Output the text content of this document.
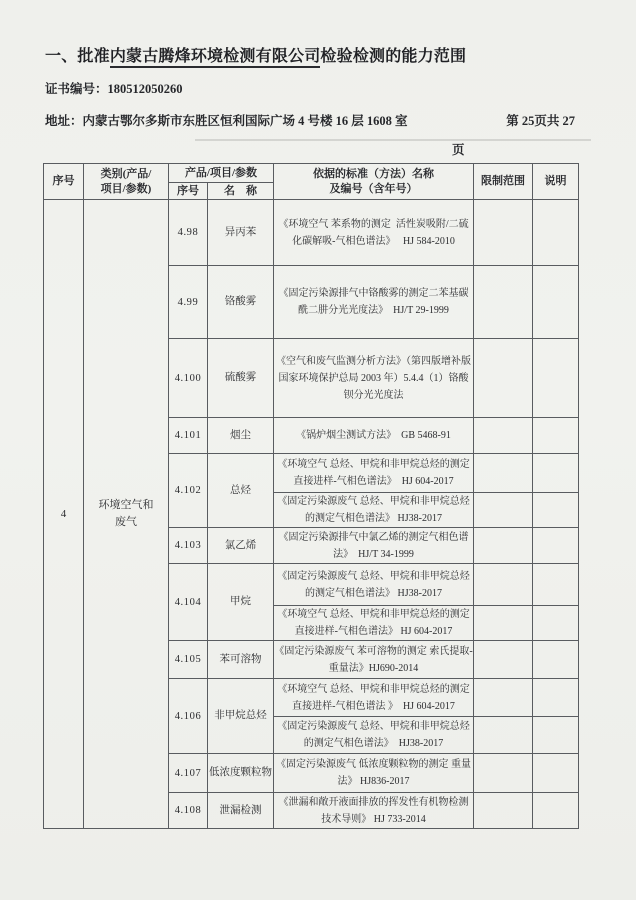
一、批准内蒙古腾烽环境检测有限公司检验检测的能力范围
证书编号：180512050260
地址：内蒙古鄂尔多斯市东胜区恒利国际广场 4 号楼 16 层 1608 室	第 25页共 27
页
序号	类别(产品/
项目/参数)	产品/项目/参数		依据的标准（方法）名称
及编号（含年号）	限制范围	说明
		序号	名　称			
4	环境空气和废气	4.98	异丙苯	《环境空气 苯系物的测定  活性炭吸附/二硫化碳解吸-气相色谱法》   HJ 584-2010		
		4.99	铬酸雾	《固定污染源排气中铬酸雾的测定二苯基碳酰二肼分光光度法》  HJ/T 29-1999		
		4.100	硫酸雾	《空气和废气监测分析方法》（第四版增补版 国家环境保护总局 2003 年）5.4.4（1）铬酸钡分光光度法		
		4.101	烟尘	《锅炉烟尘测试方法》  GB 5468-91		
		4.102	总烃	《环境空气 总烃、甲烷和非甲烷总烃的测定 直接进样-气相色谱法》  HJ 604-2017		
				《固定污染源废气 总烃、甲烷和非甲烷总烃的测定气相色谱法》 HJ38-2017		
		4.103	氯乙烯	《固定污染源排气中氯乙烯的测定气相色谱法》  HJ/T 34-1999		
		4.104	甲烷	《固定污染源废气 总烃、甲烷和非甲烷总烃的测定气相色谱法》 HJ38-2017		
				《环境空气 总烃、甲烷和非甲烷总烃的测定 直接进样-气相色谱法》 HJ 604-2017		
		4.105	苯可溶物	《固定污染源废气 苯可溶物的测定 索氏提取-重量法》HJ690-2014		
		4.106	非甲烷总烃	《环境空气 总烃、甲烷和非甲烷总烃的测定 直接进样-气相色谱法 》  HJ 604-2017		
				《固定污染源废气 总烃、甲烷和非甲烷总烃的测定气相色谱法》  HJ38-2017		
		4.107	低浓度颗粒物	《固定污染源废气 低浓度颗粒物的测定 重量法》 HJ836-2017		
		4.108	泄漏检测	《泄漏和敞开液面排放的挥发性有机物检测技术导则》 HJ 733-2014		
